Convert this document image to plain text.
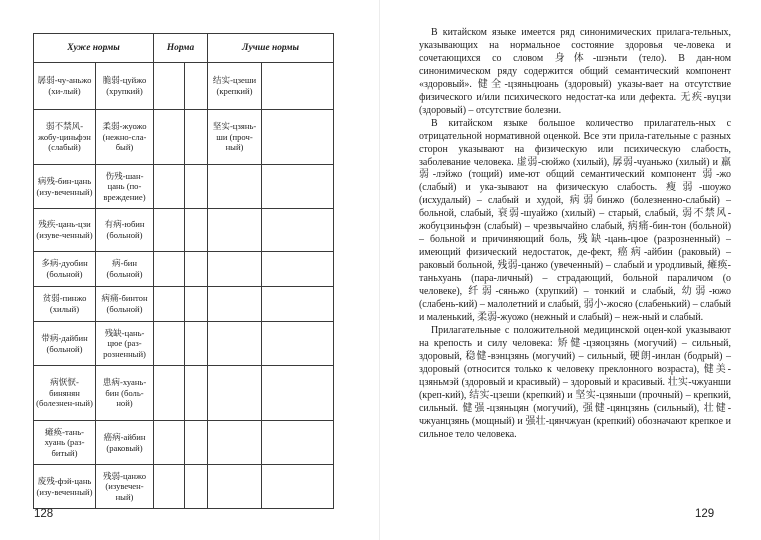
Хуже нормы		Норма		Лучше нормы	
孱弱-чу-аньжо (хи-лый)	脆弱-цуйжо (хрупкий)			结实-цзеши (крепкий)	
弱不禁风-жобу-циньфэн (слабый)	柔弱-жуожо (нежно-сла-бый)			坚实-цзянь-ши (проч-ный)	
病残-бин-цань (изу-веченный)	伤残-шан-цань (по-вреждение)				
残疾-цань-цзи (изуве-ченный)	有病-юбин (больной)				
多病-дуобин (больной)	病-бин (больной)				
贫弱-пинжо (хилый)	病痛-бинтон (больной)				
带病-дайбин (больной)	残缺-цань-цюе (раз-розненный)				
病恹恹-бинянян (болезнен-ный)	患病-хуань-бин (боль-ной)				
瘫痪-тань-хуань (раз-битый)	癌病-айбин (раковый)				
废残-фэй-цань (изу-веченный)	残弱-цанжо (изувечен-ный)				
128

В китайском языке имеется ряд синонимических прилага-тельных, указывающих на нормальное состояние здоровья че-ловека и сочетающихся со словом 身体-шэньти (тело). В дан-ном синонимическом ряду содержится общий семантический компонент «здоровый». 健全-цзяньцюань (здоровый) указы-вает на отсутствие физического и/или психического недостат-ка или дефекта. 无疾-вуцзи (здоровый) – отсутствие болезни.

В китайском языке большое количество прилагатель-ных с отрицательной нормативной оценкой. Все эти прила-гательные с разных сторон указывают на физическую или психическую слабость, заболевание человека. 虚弱-сюйжо (хилый), 孱弱-чуаньжо (хилый) и 羸弱-лэйжо (тощий) име-ют общий семантический компонент 弱-жо (слабый) и ука-зывают на физическую слабость. 瘦弱-шоужо (исхудалый) – слабый и худой, 病弱бинжо (болезненно-слабый) – больной, слабый, 衰弱-шуайжо (хилый) – старый, слабый, 弱不禁风-жобуцзиньфэн (слабый) – чрезвычайно слабый, 病痛-бин-тон (больной) – больной и причиняющий боль, 残缺-цань-цюе (разрозненный) – имеющий физический недостаток, де-фект, 癌病-айбин (раковый) – раковый больной, 残弱-цанжо (увеченный) – слабый и уродливый, 瘫痪-таньхуань (пара-личный) – страдающий, больной параличом (о человеке), 纤弱-сяньжо (хрупкий) – тонкий и слабый, 幼弱-южо (слабень-кий) – малолетний и слабый, 弱小-жосяо (слабенький) – слабый и маленький, 柔弱-жуожо (нежный и слабый) – неж-ный и слабый.

Прилагательные с положительной медицинской оцен-кой указывают на крепость и силу человека: 矫健-цзяоцзянь (могучий) – сильный, здоровый, 稳健-вэнцзянь (могучий) – сильный, 硬朗-инлан (бодрый) – здоровый (относится только к человеку преклонного возраста), 健美-цзяньмэй (здоровый и красивый) – здоровый и красивый. 壮实-чжуанши (креп-кий), 结实-цзеши (крепкий) и 坚实-цзяньши (прочный) – крепкий, сильный. 健强-цзяньцян (могучий), 强健-цянцзянь (сильный), 壮健-чжуанцзянь (мощный) и 强壮-цянчжуан (крепкий) обозначают крепкое и сильное тело человека.

129
